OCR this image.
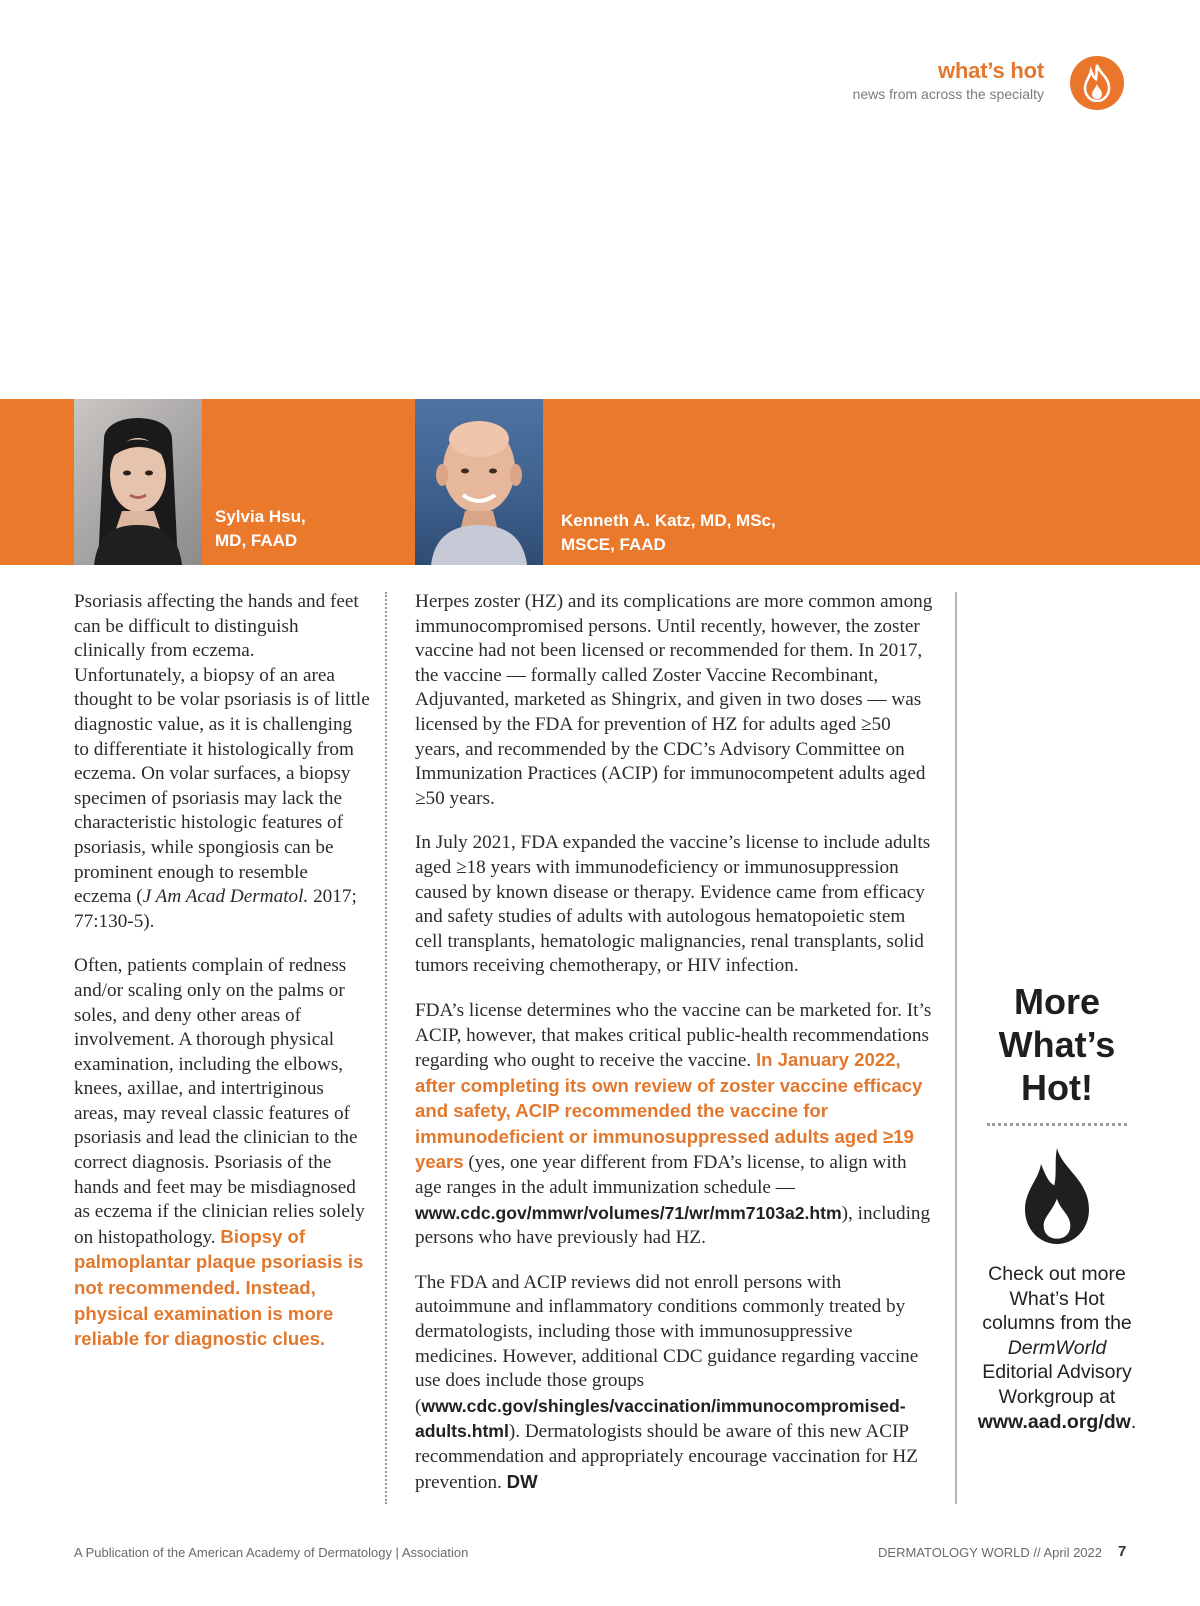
what’s hot
news from across the specialty
Sylvia Hsu,
MD, FAAD
Kenneth A. Katz, MD, MSc,
MSCE, FAAD

Psoriasis affecting the hands and feet can be difficult to distinguish clinically from eczema. Unfortunately, a biopsy of an area thought to be volar psoriasis is of little diagnostic value, as it is challenging to differentiate it histologically from eczema. On volar surfaces, a biopsy specimen of psoriasis may lack the characteristic histologic features of psoriasis, while spongiosis can be prominent enough to resemble eczema (J Am Acad Dermatol. 2017; 77:130-5).

Often, patients complain of redness and/or scaling only on the palms or soles, and deny other areas of involvement. A thorough physical examination, including the elbows, knees, axillae, and intertriginous areas, may reveal classic features of psoriasis and lead the clinician to the correct diagnosis. Psoriasis of the hands and feet may be misdiagnosed as eczema if the clinician relies solely on histopathology. Biopsy of palmoplantar plaque psoriasis is not recommended. Instead, physical examination is more reliable for diagnostic clues.

Herpes zoster (HZ) and its complications are more common among immunocompromised persons. Until recently, however, the zoster vaccine had not been licensed or recommended for them. In 2017, the vaccine — formally called Zoster Vaccine Recombinant, Adjuvanted, marketed as Shingrix, and given in two doses — was licensed by the FDA for prevention of HZ for adults aged ≥50 years, and recommended by the CDC’s Advisory Committee on Immunization Practices (ACIP) for immunocompetent adults aged ≥50 years.

In July 2021, FDA expanded the vaccine’s license to include adults aged ≥18 years with immunodeficiency or immunosuppression caused by known disease or therapy. Evidence came from efficacy and safety studies of adults with autologous hematopoietic stem cell transplants, hematologic malignancies, renal transplants, solid tumors receiving chemotherapy, or HIV infection.

FDA’s license determines who the vaccine can be marketed for. It’s ACIP, however, that makes critical public-health recommendations regarding who ought to receive the vaccine. In January 2022, after completing its own review of zoster vaccine efficacy and safety, ACIP recommended the vaccine for immunodeficient or immunosuppressed adults aged ≥19 years (yes, one year different from FDA’s license, to align with age ranges in the adult immunization schedule — www.cdc.gov/mmwr/volumes/71/wr/mm7103a2.htm), including persons who have previously had HZ.

The FDA and ACIP reviews did not enroll persons with autoimmune and inflammatory conditions commonly treated by dermatologists, including those with immunosuppressive medicines. However, additional CDC guidance regarding vaccine use does include those groups (www.cdc.gov/shingles/vaccination/immunocompromised-adults.html). Dermatologists should be aware of this new ACIP recommendation and appropriately encourage vaccination for HZ prevention. DW

More
What’s
Hot!
Check out more What’s Hot columns from the DermWorld Editorial Advisory Workgroup at www.aad.org/dw.
A Publication of the American Academy of Dermatology | Association	DERMATOLOGY WORLD // April 2022 7
